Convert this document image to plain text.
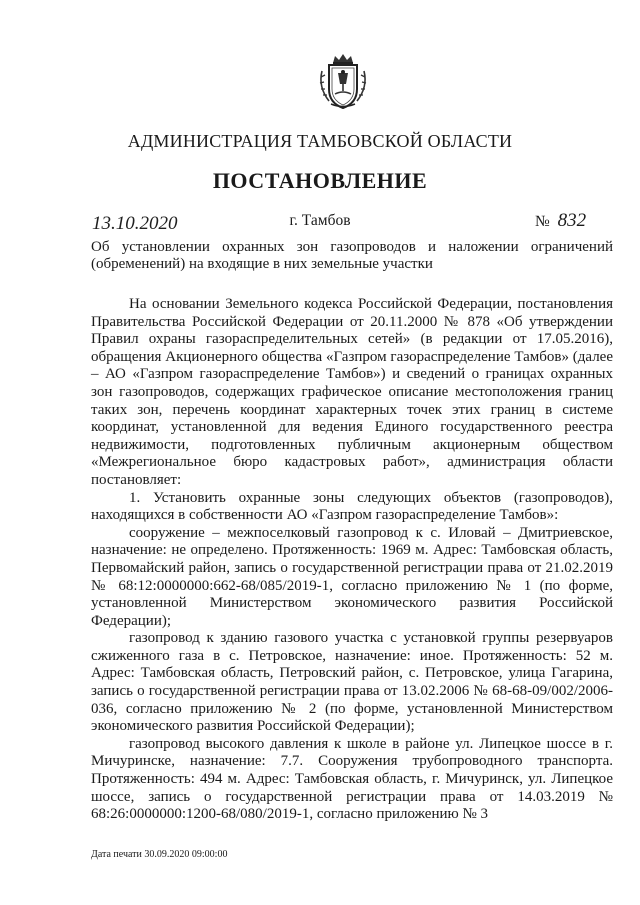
АДМИНИСТРАЦИЯ ТАМБОВСКОЙ ОБЛАСТИ
ПОСТАНОВЛЕНИЕ
13.10.2020	г. Тамбов	№ 832
Об установлении охранных зон газопроводов и наложении ограничений (обременений) на входящие в них земельные участки

На основании Земельного кодекса Российской Федерации, постановления Правительства Российской Федерации от 20.11.2000 № 878 «Об утверждении Правил охраны газораспределительных сетей» (в редакции от 17.05.2016), обращения Акционерного общества «Газпром газораспределение Тамбов» (далее – АО «Газпром газораспределение Тамбов») и сведений о границах охранных зон газопроводов, содержащих графическое описание местоположения границ таких зон, перечень координат характерных точек этих границ в системе координат, установленной для ведения Единого государственного реестра недвижимости, подготовленных публичным акционерным обществом «Межрегиональное бюро кадастровых работ», администрация области постановляет:

1. Установить охранные зоны следующих объектов (газопроводов), находящихся в собственности АО «Газпром газораспределение Тамбов»:

сооружение – межпоселковый газопровод к с. Иловай – Дмитриевское, назначение: не определено. Протяженность: 1969 м. Адрес: Тамбовская область, Первомайский район, запись о государственной регистрации права от 21.02.2019 № 68:12:0000000:662-68/085/2019-1, согласно приложению № 1 (по форме, установленной Министерством экономического развития Российской Федерации);

газопровод к зданию газового участка с установкой группы резервуаров сжиженного газа в с. Петровское, назначение: иное. Протяженность: 52 м. Адрес: Тамбовская область, Петровский район, с. Петровское, улица Гагарина, запись о государственной регистрации права от 13.02.2006 № 68-68-09/002/2006-036, согласно приложению № 2 (по форме, установленной Министерством экономического развития Российской Федерации);

газопровод высокого давления к школе в районе ул. Липецкое шоссе в г. Мичуринске, назначение: 7.7. Сооружения трубопроводного транспорта. Протяженность: 494 м. Адрес: Тамбовская область, г. Мичуринск, ул. Липецкое шоссе, запись о государственной регистрации права от 14.03.2019 № 68:26:0000000:1200-68/080/2019-1, согласно приложению № 3

Дата печати 30.09.2020 09:00:00
